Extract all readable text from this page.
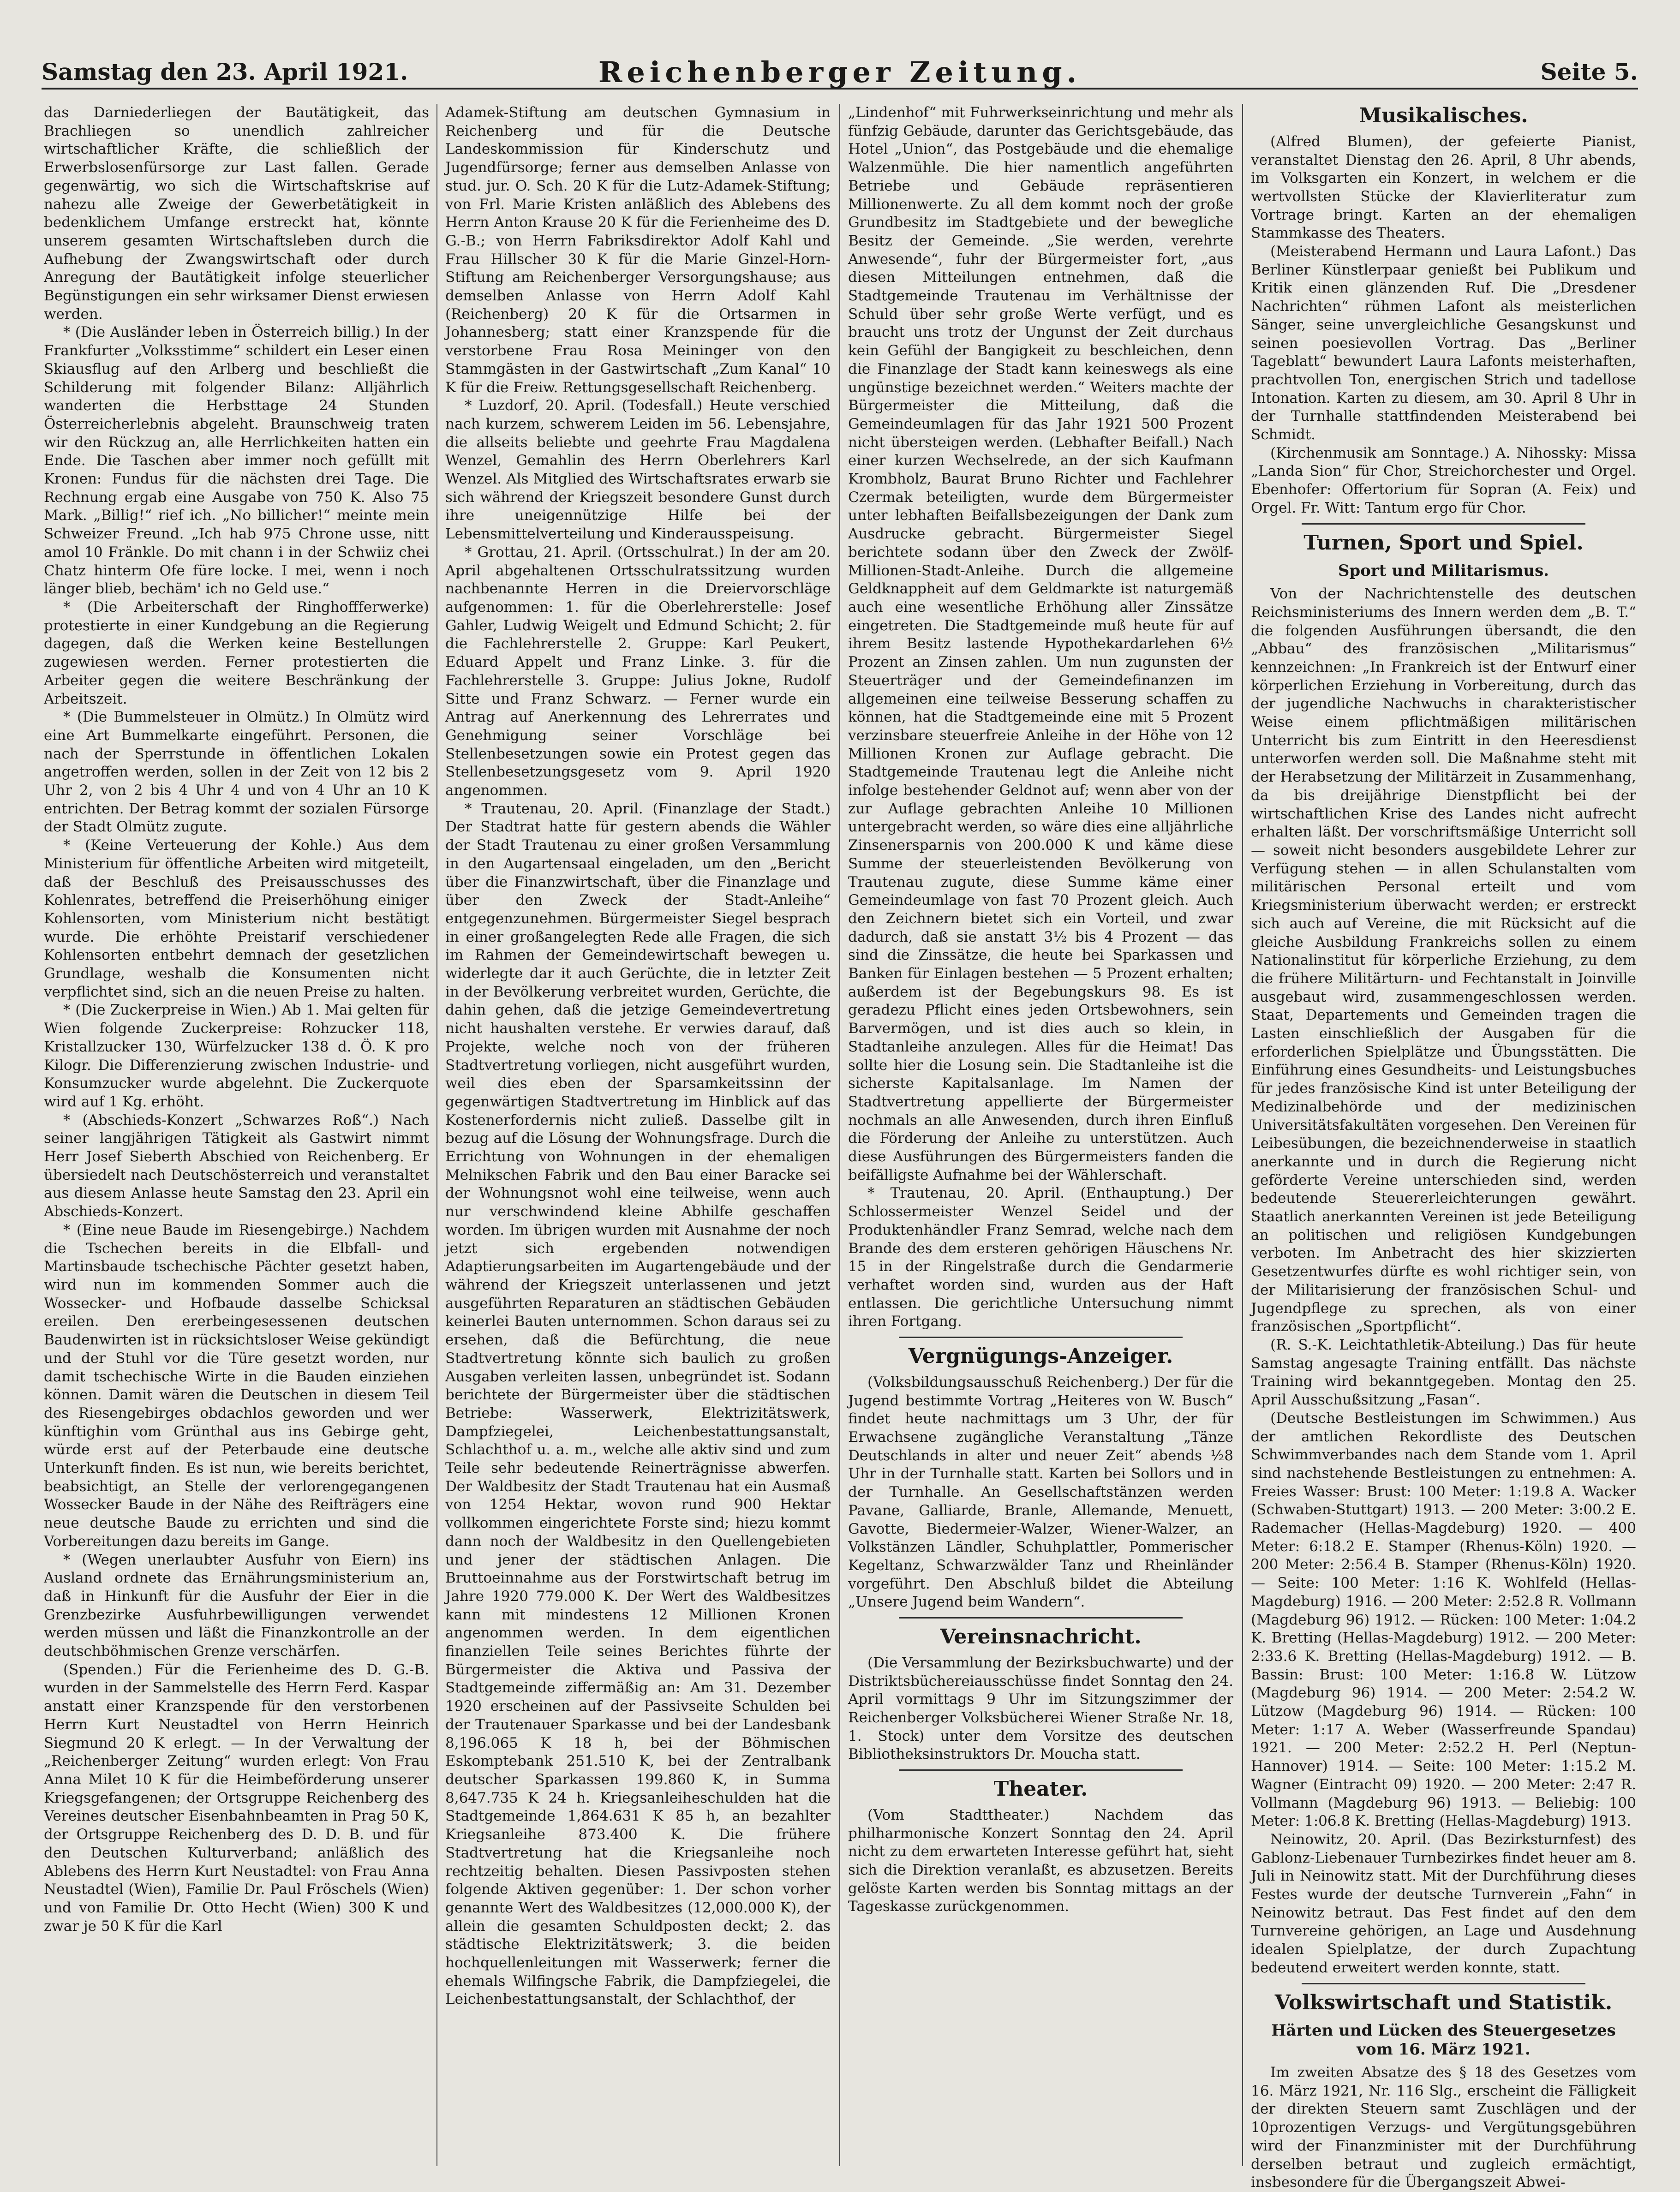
Samstag den 23. April 1921.	Reichenberger Zeitung.	Seite 5.

das Darniederliegen der Bautätigkeit, das Brachliegen so unendlich zahlreicher wirtschaftlicher Kräfte, die schließlich der Erwerbslosenfürsorge zur Last fallen. Gerade gegenwärtig, wo sich die Wirtschaftskrise auf nahezu alle Zweige der Gewerbetätigkeit in bedenklichem Umfange erstreckt hat, könnte unserem gesamten Wirtschaftsleben durch die Aufhebung der Zwangswirtschaft oder durch Anregung der Bautätigkeit infolge steuerlicher Begünstigungen ein sehr wirksamer Dienst erwiesen werden.

* (Die Ausländer leben in Österreich billig.) In der Frankfurter „Volksstimme“ schildert ein Leser einen Skiausflug auf den Arlberg und beschließt die Schilderung mit folgender Bilanz: Alljährlich wanderten die Herbsttage 24 Stunden Österreicherlebnis abgeleht. Braunschweig traten wir den Rückzug an, alle Herrlichkeiten hatten ein Ende. Die Taschen aber immer noch gefüllt mit Kronen: Fundus für die nächsten drei Tage. Die Rechnung ergab eine Ausgabe von 750 K. Also 75 Mark. „Billig!“ rief ich. „No billicher!“ meinte mein Schweizer Freund. „Ich hab 975 Chrone usse, nitt amol 10 Fränkle. Do mit chann i in der Schwiiz chei Chatz hinterm Ofe füre locke. I mei, wenn i noch länger blieb, bechäm' ich no Geld use.“

* (Die Arbeiterschaft der Ringhoffferwerke) protestierte in einer Kundgebung an die Regierung dagegen, daß die Werken keine Bestellungen zugewiesen werden. Ferner protestierten die Arbeiter gegen die weitere Beschränkung der Arbeitszeit.

* (Die Bummelsteuer in Olmütz.) In Olmütz wird eine Art Bummelkarte eingeführt. Personen, die nach der Sperrstunde in öffentlichen Lokalen angetroffen werden, sollen in der Zeit von 12 bis 2 Uhr 2, von 2 bis 4 Uhr 4 und von 4 Uhr an 10 K entrichten. Der Betrag kommt der sozialen Fürsorge der Stadt Olmütz zugute.

* (Keine Verteuerung der Kohle.) Aus dem Ministerium für öffentliche Arbeiten wird mitgeteilt, daß der Beschluß des Preisausschusses des Kohlenrates, betreffend die Preiserhöhung einiger Kohlensorten, vom Ministerium nicht bestätigt wurde. Die erhöhte Preistarif verschiedener Kohlensorten entbehrt demnach der gesetzlichen Grundlage, weshalb die Konsumenten nicht verpflichtet sind, sich an die neuen Preise zu halten.

* (Die Zuckerpreise in Wien.) Ab 1. Mai gelten für Wien folgende Zuckerpreise: Rohzucker 118, Kristallzucker 130, Würfelzucker 138 d. Ö. K pro Kilogr. Die Differenzierung zwischen Industrie- und Konsumzucker wurde abgelehnt. Die Zuckerquote wird auf 1 Kg. erhöht.

* (Abschieds-Konzert „Schwarzes Roß“.) Nach seiner langjährigen Tätigkeit als Gastwirt nimmt Herr Josef Sieberth Abschied von Reichenberg. Er übersiedelt nach Deutschösterreich und veranstaltet aus diesem Anlasse heute Samstag den 23. April ein Abschieds-Konzert.

* (Eine neue Baude im Riesengebirge.) Nachdem die Tschechen bereits in die Elbfall- und Martinsbaude tschechische Pächter gesetzt haben, wird nun im kommenden Sommer auch die Wossecker- und Hofbaude dasselbe Schicksal ereilen. Den ererbeingesessenen deutschen Baudenwirten ist in rücksichtsloser Weise gekündigt und der Stuhl vor die Türe gesetzt worden, nur damit tschechische Wirte in die Bauden einziehen können. Damit wären die Deutschen in diesem Teil des Riesengebirges obdachlos geworden und wer künftighin vom Grünthal aus ins Gebirge geht, würde erst auf der Peterbaude eine deutsche Unterkunft finden. Es ist nun, wie bereits berichtet, beabsichtigt, an Stelle der verlorengegangenen Wossecker Baude in der Nähe des Reifträgers eine neue deutsche Baude zu errichten und sind die Vorbereitungen dazu bereits im Gange.

* (Wegen unerlaubter Ausfuhr von Eiern) ins Ausland ordnete das Ernährungsministerium an, daß in Hinkunft für die Ausfuhr der Eier in die Grenzbezirke Ausfuhrbewilligungen verwendet werden müssen und läßt die Finanzkontrolle an der deutschböhmischen Grenze verschärfen.

(Spenden.) Für die Ferienheime des D. G.-B. wurden in der Sammelstelle des Herrn Ferd. Kaspar anstatt einer Kranzspende für den verstorbenen Herrn Kurt Neustadtel von Herrn Heinrich Siegmund 20 K erlegt. — In der Verwaltung der „Reichenberger Zeitung“ wurden erlegt: Von Frau Anna Milet 10 K für die Heimbeförderung unserer Kriegsgefangenen; der Ortsgruppe Reichenberg des Vereines deutscher Eisenbahnbeamten in Prag 50 K, der Ortsgruppe Reichenberg des D. D. B. und für den Deutschen Kulturverband; anläßlich des Ablebens des Herrn Kurt Neustadtel: von Frau Anna Neustadtel (Wien), Familie Dr. Paul Fröschels (Wien) und von Familie Dr. Otto Hecht (Wien) 300 K und zwar je 50 K für die Karl

Adamek-Stiftung am deutschen Gymnasium in Reichenberg und für die Deutsche Landeskommission für Kinderschutz und Jugendfürsorge; ferner aus demselben Anlasse von stud. jur. O. Sch. 20 K für die Lutz-Adamek-Stiftung; von Frl. Marie Kristen anläßlich des Ablebens des Herrn Anton Krause 20 K für die Ferienheime des D. G.-B.; von Herrn Fabriksdirektor Adolf Kahl und Frau Hillscher 30 K für die Marie Ginzel-Horn-Stiftung am Reichenberger Versorgungshause; aus demselben Anlasse von Herrn Adolf Kahl (Reichenberg) 20 K für die Ortsarmen in Johannesberg; statt einer Kranzspende für die verstorbene Frau Rosa Meininger von den Stammgästen in der Gastwirtschaft „Zum Kanal“ 10 K für die Freiw. Rettungsgesellschaft Reichenberg.

* Luzdorf, 20. April. (Todesfall.) Heute verschied nach kurzem, schwerem Leiden im 56. Lebensjahre, die allseits beliebte und geehrte Frau Magdalena Wenzel, Gemahlin des Herrn Oberlehrers Karl Wenzel. Als Mitglied des Wirtschaftsrates erwarb sie sich während der Kriegszeit besondere Gunst durch ihre uneigennützige Hilfe bei der Lebensmittelverteilung und Kinderausspeisung.

* Grottau, 21. April. (Ortsschulrat.) In der am 20. April abgehaltenen Ortsschulratssitzung wurden nachbenannte Herren in die Dreiervorschläge aufgenommen: 1. für die Oberlehrerstelle: Josef Gahler, Ludwig Weigelt und Edmund Schicht; 2. für die Fachlehrerstelle 2. Gruppe: Karl Peukert, Eduard Appelt und Franz Linke. 3. für die Fachlehrerstelle 3. Gruppe: Julius Jokne, Rudolf Sitte und Franz Schwarz. — Ferner wurde ein Antrag auf Anerkennung des Lehrerrates und Genehmigung seiner Vorschläge bei Stellenbesetzungen sowie ein Protest gegen das Stellenbesetzungsgesetz vom 9. April 1920 angenommen.

* Trautenau, 20. April. (Finanzlage der Stadt.) Der Stadtrat hatte für gestern abends die Wähler der Stadt Trautenau zu einer großen Versammlung in den Augartensaal eingeladen, um den „Bericht über die Finanzwirtschaft, über die Finanzlage und über den Zweck der Stadt-Anleihe“ entgegenzunehmen. Bürgermeister Siegel besprach in einer großangelegten Rede alle Fragen, die sich im Rahmen der Gemeindewirtschaft bewegen u. widerlegte dar it auch Gerüchte, die in letzter Zeit in der Bevölkerung verbreitet wurden, Gerüchte, die dahin gehen, daß die jetzige Gemeindevertretung nicht haushalten verstehe. Er verwies darauf, daß Projekte, welche noch von der früheren Stadtvertretung vorliegen, nicht ausgeführt wurden, weil dies eben der Sparsamkeitssinn der gegenwärtigen Stadtvertretung im Hinblick auf das Kostenerfordernis nicht zuließ. Dasselbe gilt in bezug auf die Lösung der Wohnungsfrage. Durch die Errichtung von Wohnungen in der ehemaligen Melnikschen Fabrik und den Bau einer Baracke sei der Wohnungsnot wohl eine teilweise, wenn auch nur verschwindend kleine Abhilfe geschaffen worden. Im übrigen wurden mit Ausnahme der noch jetzt sich ergebenden notwendigen Adaptierungsarbeiten im Augartengebäude und der während der Kriegszeit unterlassenen und jetzt ausgeführten Reparaturen an städtischen Gebäuden keinerlei Bauten unternommen. Schon daraus sei zu ersehen, daß die Befürchtung, die neue Stadtvertretung könnte sich baulich zu großen Ausgaben verleiten lassen, unbegründet ist. Sodann berichtete der Bürgermeister über die städtischen Betriebe: Wasserwerk, Elektrizitätswerk, Dampfziegelei, Leichenbestattungsanstalt, Schlachthof u. a. m., welche alle aktiv sind und zum Teile sehr bedeutende Reinerträgnisse abwerfen. Der Waldbesitz der Stadt Trautenau hat ein Ausmaß von 1254 Hektar, wovon rund 900 Hektar vollkommen eingerichtete Forste sind; hiezu kommt dann noch der Waldbesitz in den Quellengebieten und jener der städtischen Anlagen. Die Bruttoeinnahme aus der Forstwirtschaft betrug im Jahre 1920 779.000 K. Der Wert des Waldbesitzes kann mit mindestens 12 Millionen Kronen angenommen werden. In dem eigentlichen finanziellen Teile seines Berichtes führte der Bürgermeister die Aktiva und Passiva der Stadtgemeinde ziffermäßig an: Am 31. Dezember 1920 erscheinen auf der Passivseite Schulden bei der Trautenauer Sparkasse und bei der Landesbank 8,196.065 K 18 h, bei der Böhmischen Eskomptebank 251.510 K, bei der Zentralbank deutscher Sparkassen 199.860 K, in Summa 8,647.735 K 24 h. Kriegsanleiheschulden hat die Stadtgemeinde 1,864.631 K 85 h, an bezahlter Kriegsanleihe 873.400 K. Die frühere Stadtvertretung hat die Kriegsanleihe noch rechtzeitig behalten. Diesen Passivposten stehen folgende Aktiven gegenüber: 1. Der schon vorher genannte Wert des Waldbesitzes (12,000.000 K), der allein die gesamten Schuldposten deckt; 2. das städtische Elektrizitätswerk; 3. die beiden hochquellenleitungen mit Wasserwerk; ferner die ehemals Wilfingsche Fabrik, die Dampfziegelei, die Leichenbestattungsanstalt, der Schlachthof, der

„Lindenhof“ mit Fuhrwerkseinrichtung und mehr als fünfzig Gebäude, darunter das Gerichtsgebäude, das Hotel „Union“, das Postgebäude und die ehemalige Walzenmühle. Die hier namentlich angeführten Betriebe und Gebäude repräsentieren Millionenwerte. Zu all dem kommt noch der große Grundbesitz im Stadtgebiete und der bewegliche Besitz der Gemeinde. „Sie werden, verehrte Anwesende“, fuhr der Bürgermeister fort, „aus diesen Mitteilungen entnehmen, daß die Stadtgemeinde Trautenau im Verhältnisse der Schuld über sehr große Werte verfügt, und es braucht uns trotz der Ungunst der Zeit durchaus kein Gefühl der Bangigkeit zu beschleichen, denn die Finanzlage der Stadt kann keineswegs als eine ungünstige bezeichnet werden.“ Weiters machte der Bürgermeister die Mitteilung, daß die Gemeindeumlagen für das Jahr 1921 500 Prozent nicht übersteigen werden. (Lebhafter Beifall.) Nach einer kurzen Wechselrede, an der sich Kaufmann Krombholz, Baurat Bruno Richter und Fachlehrer Czermak beteiligten, wurde dem Bürgermeister unter lebhaften Beifallsbezeigungen der Dank zum Ausdrucke gebracht. Bürgermeister Siegel berichtete sodann über den Zweck der Zwölf-Millionen-Stadt-Anleihe. Durch die allgemeine Geldknappheit auf dem Geldmarkte ist naturgemäß auch eine wesentliche Erhöhung aller Zinssätze eingetreten. Die Stadtgemeinde muß heute für auf ihrem Besitz lastende Hypothekardarlehen 6½ Prozent an Zinsen zahlen. Um nun zugunsten der Steuerträger und der Gemeindefinanzen im allgemeinen eine teilweise Besserung schaffen zu können, hat die Stadtgemeinde eine mit 5 Prozent verzinsbare steuerfreie Anleihe in der Höhe von 12 Millionen Kronen zur Auflage gebracht. Die Stadtgemeinde Trautenau legt die Anleihe nicht infolge bestehender Geldnot auf; wenn aber von der zur Auflage gebrachten Anleihe 10 Millionen untergebracht werden, so wäre dies eine alljährliche Zinsenersparnis von 200.000 K und käme diese Summe der steuerleistenden Bevölkerung von Trautenau zugute, diese Summe käme einer Gemeindeumlage von fast 70 Prozent gleich. Auch den Zeichnern bietet sich ein Vorteil, und zwar dadurch, daß sie anstatt 3½ bis 4 Prozent — das sind die Zinssätze, die heute bei Sparkassen und Banken für Einlagen bestehen — 5 Prozent erhalten; außerdem ist der Begebungskurs 98. Es ist geradezu Pflicht eines jeden Ortsbewohners, sein Barvermögen, und ist dies auch so klein, in Stadtanleihe anzulegen. Alles für die Heimat! Das sollte hier die Losung sein. Die Stadtanleihe ist die sicherste Kapitalsanlage. Im Namen der Stadtvertretung appellierte der Bürgermeister nochmals an alle Anwesenden, durch ihren Einfluß die Förderung der Anleihe zu unterstützen. Auch diese Ausführungen des Bürgermeisters fanden die beifälligste Aufnahme bei der Wählerschaft.

* Trautenau, 20. April. (Enthauptung.) Der Schlossermeister Wenzel Seidel und der Produktenhändler Franz Semrad, welche nach dem Brande des dem ersteren gehörigen Häuschens Nr. 15 in der Ringelstraße durch die Gendarmerie verhaftet worden sind, wurden aus der Haft entlassen. Die gerichtliche Untersuchung nimmt ihren Fortgang.

Vergnügungs-Anzeiger.

(Volksbildungsausschuß Reichenberg.) Der für die Jugend bestimmte Vortrag „Heiteres von W. Busch“ findet heute nachmittags um 3 Uhr, der für Erwachsene zugängliche Veranstaltung „Tänze Deutschlands in alter und neuer Zeit“ abends ½8 Uhr in der Turnhalle statt. Karten bei Sollors und in der Turnhalle. An Gesellschaftstänzen werden Pavane, Galliarde, Branle, Allemande, Menuett, Gavotte, Biedermeier-Walzer, Wiener-Walzer, an Volkstänzen Ländler, Schuhplattler, Pommerischer Kegeltanz, Schwarzwälder Tanz und Rheinländer vorgeführt. Den Abschluß bildet die Abteilung „Unsere Jugend beim Wandern“.

Vereinsnachricht.

(Die Versammlung der Bezirksbuchwarte) und der Distriktsbüchereiausschüsse findet Sonntag den 24. April vormittags 9 Uhr im Sitzungszimmer der Reichenberger Volksbücherei Wiener Straße Nr. 18, 1. Stock) unter dem Vorsitze des deutschen Bibliotheksinstruktors Dr. Moucha statt.

Theater.

(Vom Stadttheater.) Nachdem das philharmonische Konzert Sonntag den 24. April nicht zu dem erwarteten Interesse geführt hat, sieht sich die Direktion veranlaßt, es abzusetzen. Bereits gelöste Karten werden bis Sonntag mittags an der Tageskasse zurückgenommen.

Musikalisches.

(Alfred Blumen), der gefeierte Pianist, veranstaltet Dienstag den 26. April, 8 Uhr abends, im Volksgarten ein Konzert, in welchem er die wertvollsten Stücke der Klavierliteratur zum Vortrage bringt. Karten an der ehemaligen Stammkasse des Theaters.

(Meisterabend Hermann und Laura Lafont.) Das Berliner Künstlerpaar genießt bei Publikum und Kritik einen glänzenden Ruf. Die „Dresdener Nachrichten“ rühmen Lafont als meisterlichen Sänger, seine unvergleichliche Gesangskunst und seinen poesievollen Vortrag. Das „Berliner Tageblatt“ bewundert Laura Lafonts meisterhaften, prachtvollen Ton, energischen Strich und tadellose Intonation. Karten zu diesem, am 30. April 8 Uhr in der Turnhalle stattfindenden Meisterabend bei Schmidt.

(Kirchenmusik am Sonntage.) A. Nihossky: Missa „Landa Sion“ für Chor, Streichorchester und Orgel. Ebenhofer: Offertorium für Sopran (A. Feix) und Orgel. Fr. Witt: Tantum ergo für Chor.

Turnen, Sport und Spiel.
Sport und Militarismus.

Von der Nachrichtenstelle des deutschen Reichsministeriums des Innern werden dem „B. T.“ die folgenden Ausführungen übersandt, die den „Abbau“ des französischen „Militarismus“ kennzeichnen: „In Frankreich ist der Entwurf einer körperlichen Erziehung in Vorbereitung, durch das der jugendliche Nachwuchs in charakteristischer Weise einem pflichtmäßigen militärischen Unterricht bis zum Eintritt in den Heeresdienst unterworfen werden soll. Die Maßnahme steht mit der Herabsetzung der Militärzeit in Zusammenhang, da bis dreijährige Dienstpflicht bei der wirtschaftlichen Krise des Landes nicht aufrecht erhalten läßt. Der vorschriftsmäßige Unterricht soll — soweit nicht besonders ausgebildete Lehrer zur Verfügung stehen — in allen Schulanstalten vom militärischen Personal erteilt und vom Kriegsministerium überwacht werden; er erstreckt sich auch auf Vereine, die mit Rücksicht auf die gleiche Ausbildung Frankreichs sollen zu einem Nationalinstitut für körperliche Erziehung, zu dem die frühere Militärturn- und Fechtanstalt in Joinville ausgebaut wird, zusammengeschlossen werden. Staat, Departements und Gemeinden tragen die Lasten einschließlich der Ausgaben für die erforderlichen Spielplätze und Übungsstätten. Die Einführung eines Gesundheits- und Leistungsbuches für jedes französische Kind ist unter Beteiligung der Medizinalbehörde und der medizinischen Universitätsfakultäten vorgesehen. Den Vereinen für Leibesübungen, die bezeichnenderweise in staatlich anerkannte und in durch die Regierung nicht geförderte Vereine unterschieden sind, werden bedeutende Steuererleichterungen gewährt. Staatlich anerkannten Vereinen ist jede Beteiligung an politischen und religiösen Kundgebungen verboten. Im Anbetracht des hier skizzierten Gesetzentwurfes dürfte es wohl richtiger sein, von der Militarisierung der französischen Schul- und Jugendpflege zu sprechen, als von einer französischen „Sportpflicht“.

(R. S.-K. Leichtathletik-Abteilung.) Das für heute Samstag angesagte Training entfällt. Das nächste Training wird bekanntgegeben. Montag den 25. April Ausschußsitzung „Fasan“.

(Deutsche Bestleistungen im Schwimmen.) Aus der amtlichen Rekordliste des Deutschen Schwimmverbandes nach dem Stande vom 1. April sind nachstehende Bestleistungen zu entnehmen: A. Freies Wasser: Brust: 100 Meter: 1:19.8 A. Wacker (Schwaben-Stuttgart) 1913. — 200 Meter: 3:00.2 E. Rademacher (Hellas-Magdeburg) 1920. — 400 Meter: 6:18.2 E. Stamper (Rhenus-Köln) 1920. — 200 Meter: 2:56.4 B. Stamper (Rhenus-Köln) 1920. — Seite: 100 Meter: 1:16 K. Wohlfeld (Hellas-Magdeburg) 1916. — 200 Meter: 2:52.8 R. Vollmann (Magdeburg 96) 1912. — Rücken: 100 Meter: 1:04.2 K. Bretting (Hellas-Magdeburg) 1912. — 200 Meter: 2:33.6 K. Bretting (Hellas-Magdeburg) 1912. — B. Bassin: Brust: 100 Meter: 1:16.8 W. Lützow (Magdeburg 96) 1914. — 200 Meter: 2:54.2 W. Lützow (Magdeburg 96) 1914. — Rücken: 100 Meter: 1:17 A. Weber (Wasserfreunde Spandau) 1921. — 200 Meter: 2:52.2 H. Perl (Neptun-Hannover) 1914. — Seite: 100 Meter: 1:15.2 M. Wagner (Eintracht 09) 1920. — 200 Meter: 2:47 R. Vollmann (Magdeburg 96) 1913. — Beliebig: 100 Meter: 1:06.8 K. Bretting (Hellas-Magdeburg) 1913.

Neinowitz, 20. April. (Das Bezirksturnfest) des Gablonz-Liebenauer Turnbezirkes findet heuer am 8. Juli in Neinowitz statt. Mit der Durchführung dieses Festes wurde der deutsche Turnverein „Fahn“ in Neinowitz betraut. Das Fest findet auf den dem Turnvereine gehörigen, an Lage und Ausdehnung idealen Spielplatze, der durch Zupachtung bedeutend erweitert werden konnte, statt.

Volkswirtschaft und Statistik.
Härten und Lücken des Steuergesetzes vom 16. März 1921.

Im zweiten Absatze des § 18 des Gesetzes vom 16. März 1921, Nr. 116 Slg., erscheint die Fälligkeit der direkten Steuern samt Zuschlägen und der 10prozentigen Verzugs- und Vergütungsgebühren wird der Finanzminister mit der Durchführung derselben betraut und zugleich ermächtigt, insbesondere für die Übergangszeit Abwei-
